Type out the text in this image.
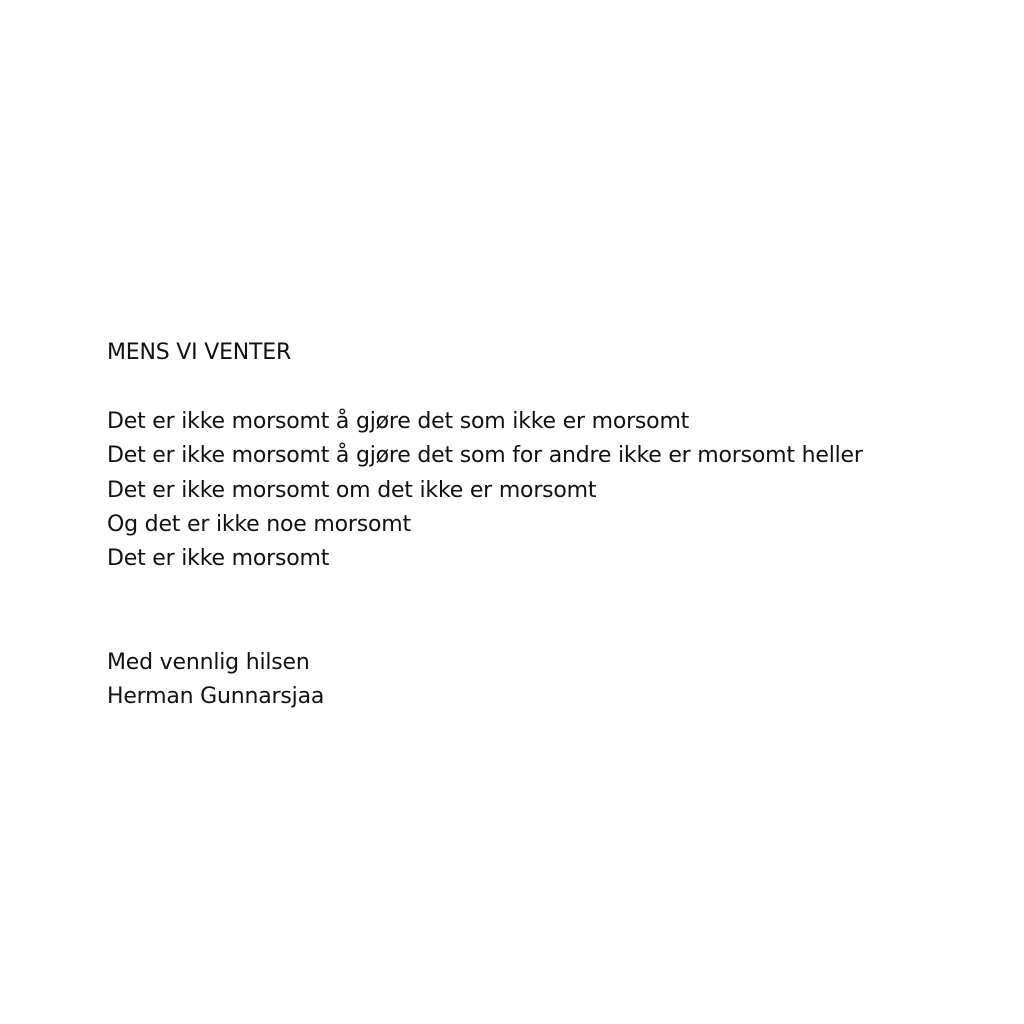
MENS VI VENTER
Det er ikke morsomt å gjøre det som ikke er morsomt
Det er ikke morsomt å gjøre det som for andre ikke er morsomt heller
Det er ikke morsomt om det ikke er morsomt
Og det er ikke noe morsomt
Det er ikke morsomt
Med vennlig hilsen
Herman Gunnarsjaa
